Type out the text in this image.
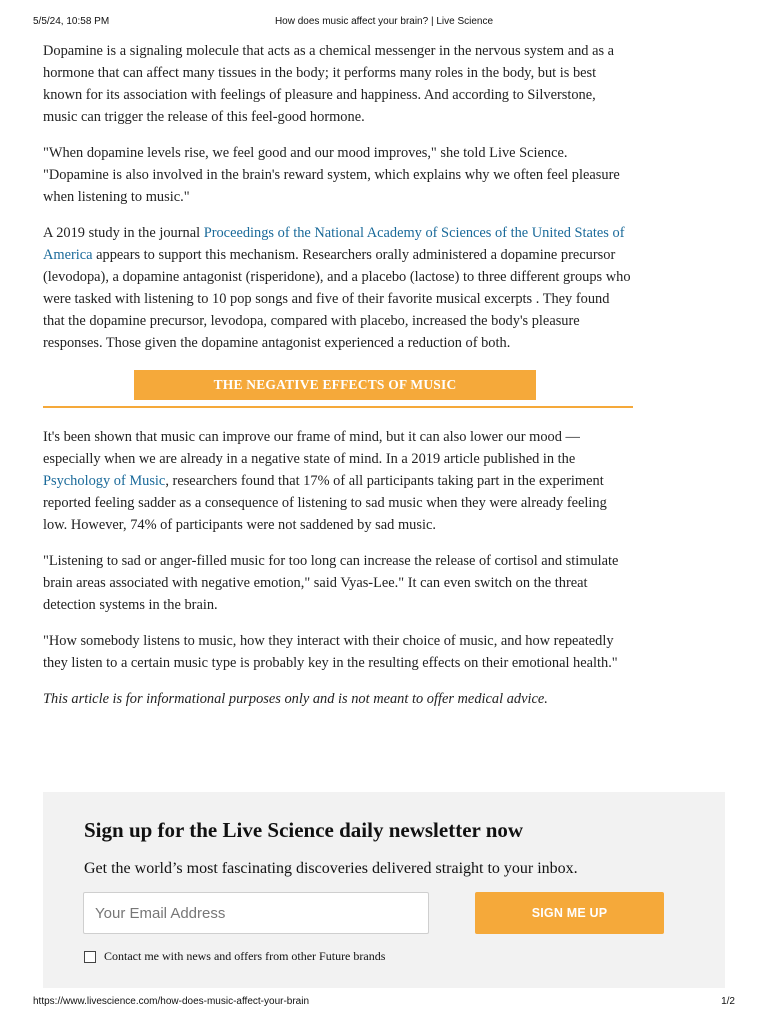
5/5/24, 10:58 PM	How does music affect your brain? | Live Science

Dopamine is a signaling molecule that acts as a chemical messenger in the nervous system and as a hormone that can affect many tissues in the body; it performs many roles in the body, but is best known for its association with feelings of pleasure and happiness. And according to Silverstone, music can trigger the release of this feel-good hormone.

"When dopamine levels rise, we feel good and our mood improves," she told Live Science. "Dopamine is also involved in the brain's reward system, which explains why we often feel pleasure when listening to music."

A 2019 study in the journal Proceedings of the National Academy of Sciences of the United States of America appears to support this mechanism. Researchers orally administered a dopamine precursor (levodopa), a dopamine antagonist (risperidone), and a placebo (lactose) to three different groups who were tasked with listening to 10 pop songs and five of their favorite musical excerpts . They found that the dopamine precursor, levodopa, compared with placebo, increased the body's pleasure responses. Those given the dopamine antagonist experienced a reduction of both.

THE NEGATIVE EFFECTS OF MUSIC

It's been shown that music can improve our frame of mind, but it can also lower our mood — especially when we are already in a negative state of mind. In a 2019 article published in the Psychology of Music, researchers found that 17% of all participants taking part in the experiment reported feeling sadder as a consequence of listening to sad music when they were already feeling low. However, 74% of participants were not saddened by sad music.

"Listening to sad or anger-filled music for too long can increase the release of cortisol and stimulate brain areas associated with negative emotion," said Vyas-Lee." It can even switch on the threat detection systems in the brain.

"How somebody listens to music, how they interact with their choice of music, and how repeatedly they listen to a certain music type is probably key in the resulting effects on their emotional health."

This article is for informational purposes only and is not meant to offer medical advice.

Sign up for the Live Science daily newsletter now
Get the world’s most fascinating discoveries delivered straight to your inbox.
Your Email Address
SIGN ME UP
Contact me with news and offers from other Future brands
https://www.livescience.com/how-does-music-affect-your-brain	1/2
